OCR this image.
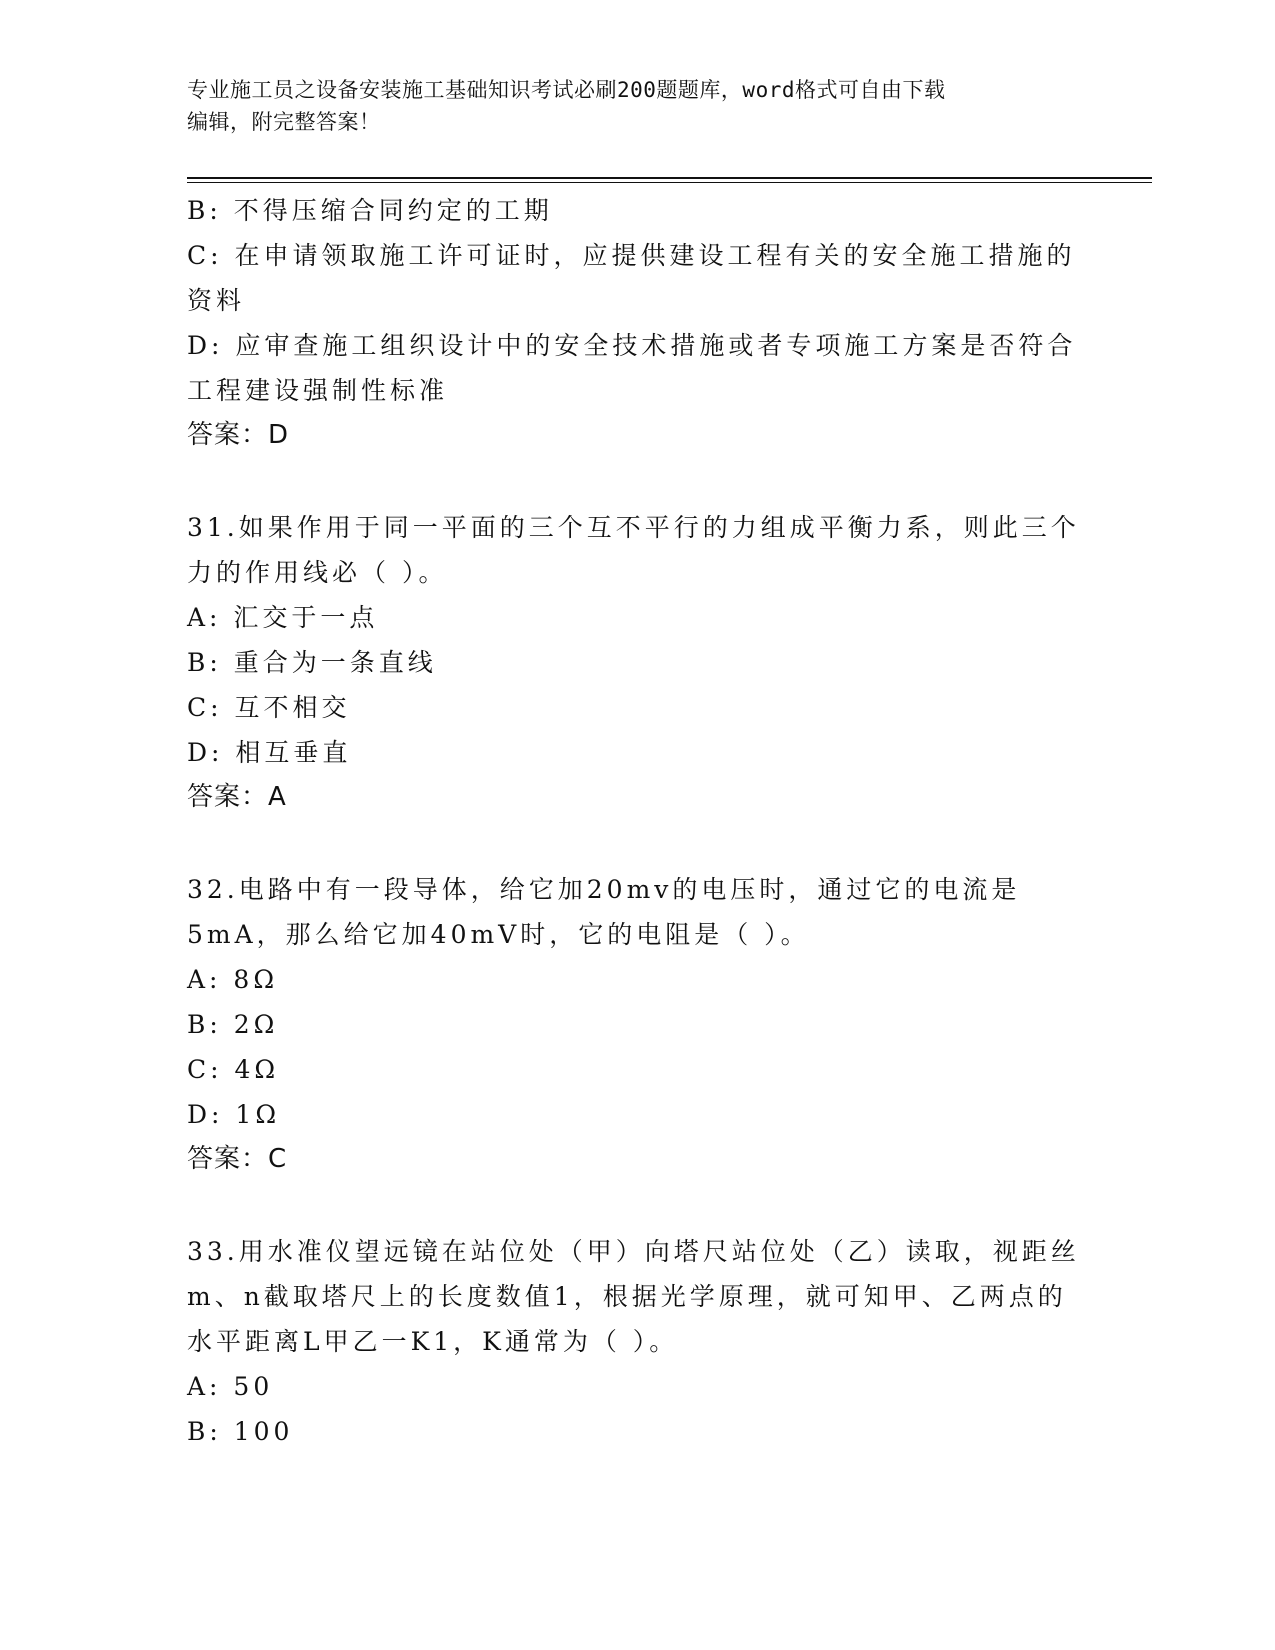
专业施工员之设备安装施工基础知识考试必刷200题题库，word格式可自由下载
编辑，附完整答案！
B: 不得压缩合同约定的工期
C: 在申请领取施工许可证时，应提供建设工程有关的安全施工措施的资料
D: 应审查施工组织设计中的安全技术措施或者专项施工方案是否符合工程建设强制性标准
答案：D
31.如果作用于同一平面的三个互不平行的力组成平衡力系，则此三个力的作用线必（ ）。
A: 汇交于一点
B: 重合为一条直线
C: 互不相交
D: 相互垂直
答案：A
32.电路中有一段导体，给它加20mv的电压时，通过它的电流是5mA，那么给它加40mV时，它的电阻是（ ）。
A: 8Ω
B: 2Ω
C: 4Ω
D: 1Ω
答案：C
33.用水准仪望远镜在站位处（甲）向塔尺站位处（乙）读取，视距丝m、n截取塔尺上的长度数值1，根据光学原理，就可知甲、乙两点的水平距离L甲乙一K1，K通常为（ ）。
A: 50
B: 100
